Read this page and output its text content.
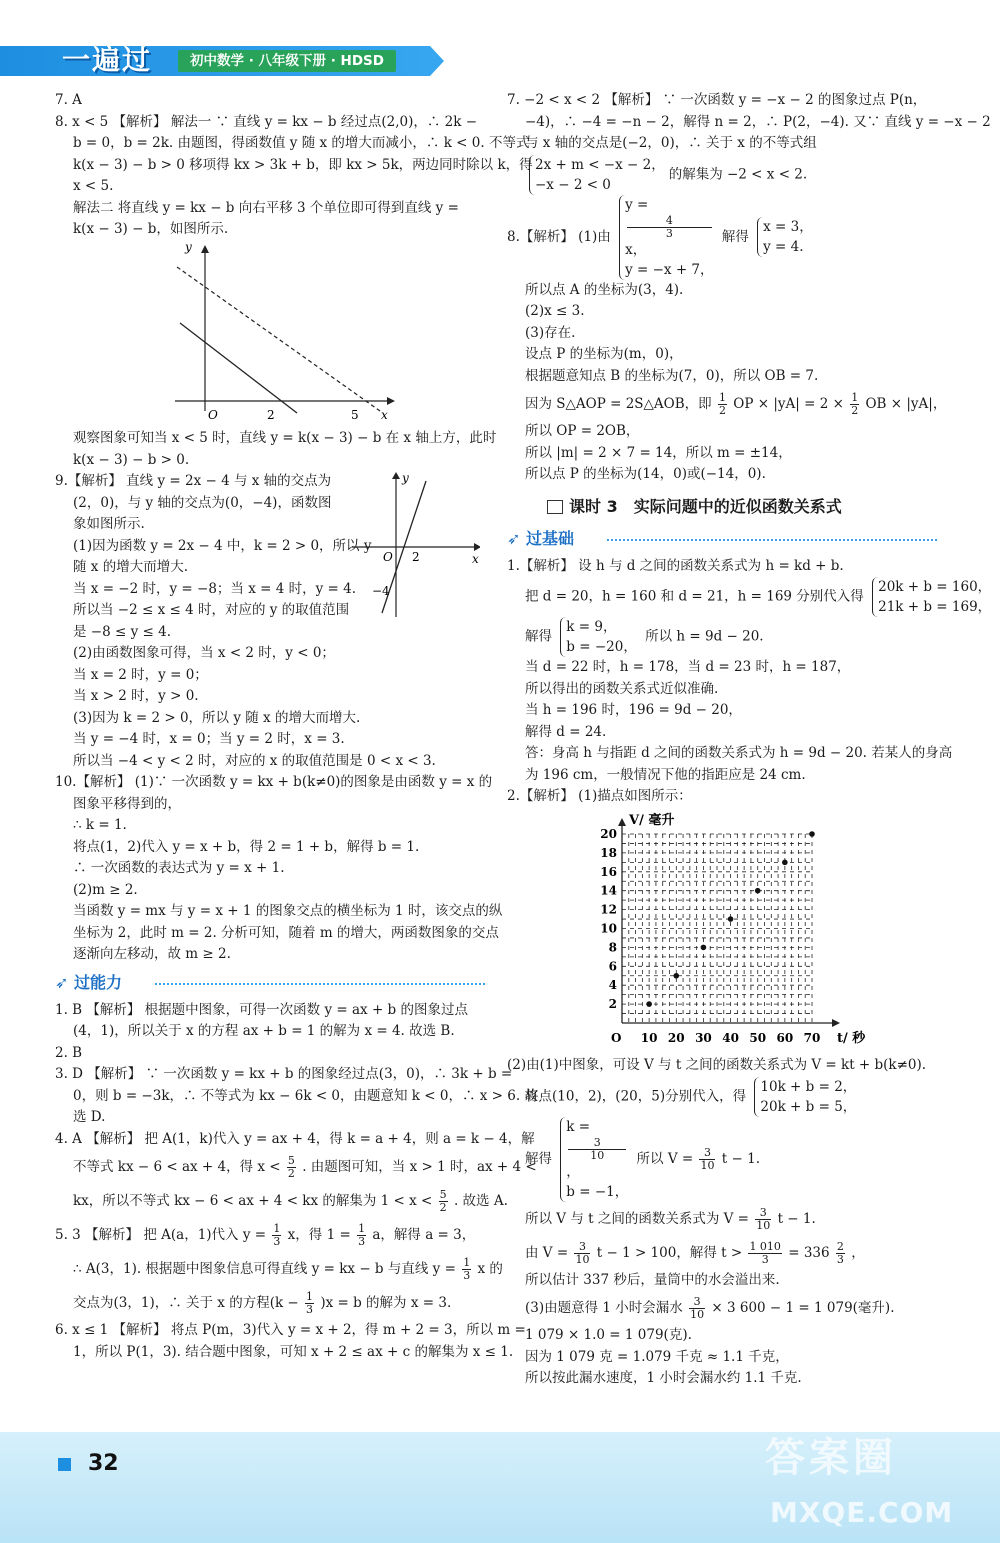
一遍过	初中数学 · 八年级下册 · HDSD

7. A

8. x < 5 【解析】 解法一 ∵ 直线 y = kx − b 经过点(2,0)，∴ 2k −

b = 0，b = 2k. 由题图，得函数值 y 随 x 的增大而减小，∴ k < 0. 不等式

k(x − 3) − b > 0 移项得 kx > 3k + b，即 kx > 5k，两边同时除以 k，得

x < 5.

解法二 将直线 y = kx − b 向右平移 3 个单位即可得到直线 y =

k(x − 3) − b，如图所示.

y
O	2	5 x

观察图象可知当 x < 5 时，直线 y = k(x − 3) − b 在 x 轴上方，此时

k(x − 3) − b > 0.

9.【解析】 直线 y = 2x − 4 与 x 轴的交点为

(2，0)，与 y 轴的交点为(0，−4)，函数图

象如图所示.

(1)因为函数 y = 2x − 4 中，k = 2 > 0，所以 y

随 x 的增大而增大.

当 x = −2 时，y = −8；当 x = 4 时，y = 4.

所以当 −2 ≤ x ≤ 4 时，对应的 y 的取值范围

是 −8 ≤ y ≤ 4.

(2)由函数图象可得，当 x < 2 时，y < 0；

当 x = 2 时，y = 0；

当 x > 2 时，y > 0.

(3)因为 k = 2 > 0，所以 y 随 x 的增大而增大.

当 y = −4 时，x = 0；当 y = 2 时，x = 3.

所以当 −4 < y < 2 时，对应的 x 的取值范围是 0 < x < 3.

y
O 2
−4
x

10.【解析】 (1)∵ 一次函数 y = kx + b(k≠0)的图象是由函数 y = x 的

图象平移得到的，

∴ k = 1.

将点(1，2)代入 y = x + b，得 2 = 1 + b，解得 b = 1.

∴ 一次函数的表达式为 y = x + 1.

(2)m ≥ 2.

当函数 y = mx 与 y = x + 1 的图象交点的横坐标为 1 时，该交点的纵

坐标为 2，此时 m = 2. 分析可知，随着 m 的增大，两函数图象的交点

逐渐向左移动，故 m ≥ 2.

➶ 过能力

1. B 【解析】 根据题中图象，可得一次函数 y = ax + b 的图象过点

(4，1)，所以关于 x 的方程 ax + b = 1 的解为 x = 4. 故选 B.

2. B

3. D 【解析】 ∵ 一次函数 y = kx + b 的图象经过点(3，0)，∴ 3k + b =

0，则 b = −3k，∴ 不等式为 kx − 6k < 0，由题意知 k < 0，∴ x > 6. 故

选 D.

4. A 【解析】 把 A(1，k)代入 y = ax + 4，得 k = a + 4，则 a = k − 4，解

不等式 kx − 6 < ax + 4，得 $x < \frac{5}{2}$ . 由题图可知，当 x > 1 时，ax + 4 <

kx，所以不等式 kx − 6 < ax + 4 < kx 的解集为 $1 < x < \frac{5}{2}$ . 故选 A.

5. 3 【解析】 把 A(a，1)代入 $y = \frac{1}{3}$ x，得 $1 = \frac{1}{3}$ a，解得 a = 3，

∴ A(3，1). 根据题中图象信息可得直线 y = kx − b 与直线 $y = \frac{1}{3}$ x 的

交点为(3，1)，∴ 关于 x 的方程$(k - \frac{1}{3} )x = b$ 的解为 x = 3.

6. x ≤ 1 【解析】 将点 P(m，3)代入 y = x + 2，得 m + 2 = 3，所以 m =

1，所以 P(1，3). 结合题中图象，可知 x + 2 ≤ ax + c 的解集为 x ≤ 1.

7. −2 < x < 2 【解析】 ∵ 一次函数 y = −x − 2 的图象过点 P(n，

−4)，∴ −4 = −n − 2，解得 n = 2，∴ P(2，−4). 又∵ 直线 y = −x − 2

与 x 轴的交点是(−2，0)，∴ 关于 x 的不等式组

2x + m < −x − 2，
−x − 2 < 0
的解集为 −2 < x < 2.

8.【解析】 (1)由
y =
4
3
x，
y = −x + 7，
解得
x = 3，
y = 4.

所以点 A 的坐标为(3，4).

(2)x ≤ 3.

(3)存在.

设点 P 的坐标为(m，0)，

根据题意知点 B 的坐标为(7，0)，所以 OB = 7.

因为 S△AOP = 2S△AOB，即 $\frac{1}{2}$ OP × $|yA| = 2 \times \frac{1}{2}$ OB × |yA|，

所以 OP = 2OB，

所以 |m| = 2 × 7 = 14，所以 m = ±14，

所以点 P 的坐标为(14，0)或(−14，0).

课时 3　实际问题中的近似函数关系式
➶ 过基础

1.【解析】 设 h 与 d 之间的函数关系式为 h = kd + b.

把 d = 20，h = 160 和 d = 21，h = 169 分别代入得
20k + b = 160，
21k + b = 169，

解得
k = 9，
b = −20，
所以 h = 9d − 20.

当 d = 22 时，h = 178，当 d = 23 时，h = 187，

所以得出的函数关系式近似准确.

当 h = 196 时，196 = 9d − 20，

解得 d = 24.

答：身高 h 与指距 d 之间的函数关系式为 h = 9d − 20. 若某人的身高

为 196 cm，一般情况下他的指距应是 24 cm.

2.【解析】 (1)描点如图所示：

10 20 30 40 50 60 70
2
4
6
8
10
12
14
16
18
20
V/ 毫升
t/ 秒
O

(2)由(1)中图象，可设 V 与 t 之间的函数关系式为 V = kt + b(k≠0).

将点(10，2)，(20，5)分别代入，得
10k + b = 2，
20k + b = 5，

解得
k =
3
10
，
b = −1，
所以 $V = \frac{3}{10}$ t − 1.

所以 V 与 t 之间的函数关系式为 $V = \frac{3}{10}$ t − 1.

由 $V = \frac{3}{10}$ t − 1 > 100，解得 $t > \frac{1 010}{3} = 336 \frac{2}{3}$ ，

所以估计 337 秒后，量筒中的水会溢出来.

(3)由题意得 1 小时会漏水 $\frac{3}{10} \times 3$ 600 − 1 = 1 079(毫升).

1 079 × 1.0 = 1 079(克).

因为 1 079 克 = 1.079 千克 ≈ 1.1 千克，

所以按此漏水速度，1 小时会漏水约 1.1 千克.

32	答案圈
MXQE.COM
